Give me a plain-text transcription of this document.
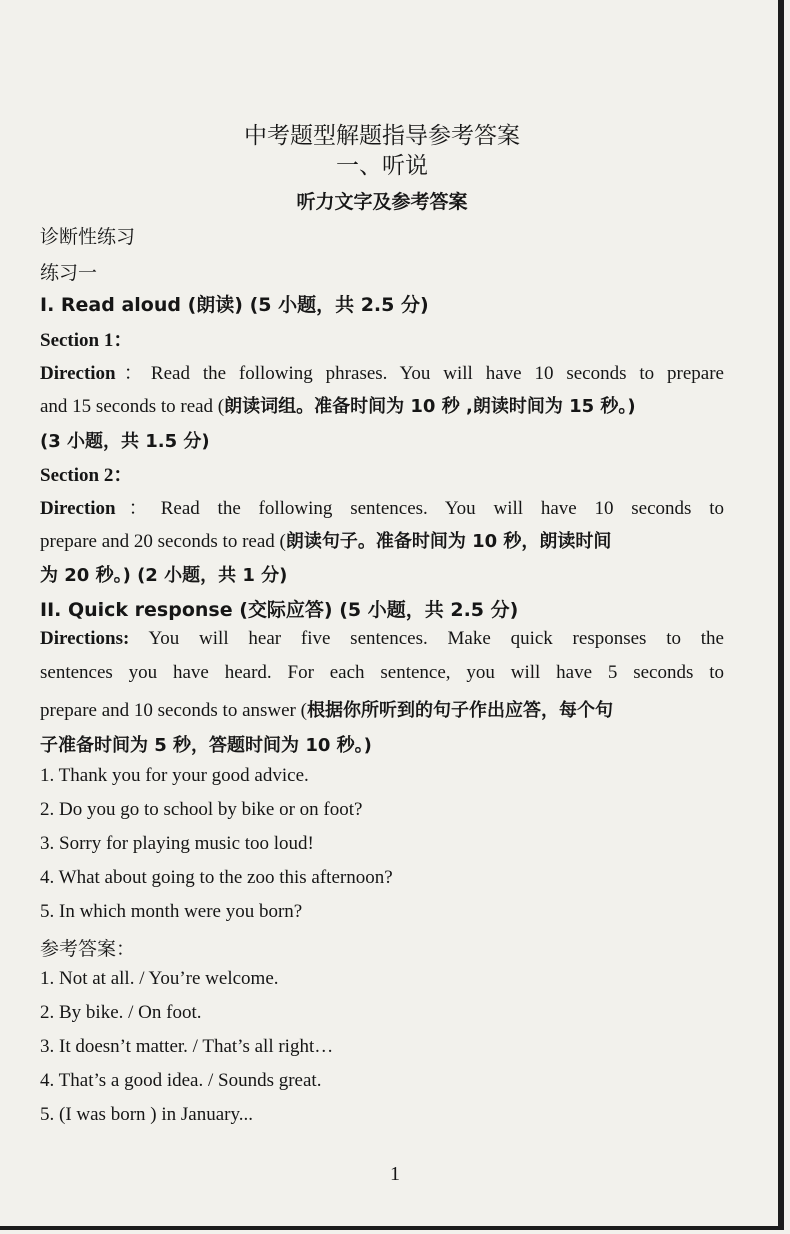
中考题型解题指导参考答案
一、听说
听力文字及参考答案
诊断性练习
练习一
I. Read aloud (朗读) (5 小题，共 2.5 分)
Section 1：
Direction：Read the following phrases. You will have 10 seconds to prepare
and 15 seconds to read (朗读词组。准备时间为 10 秒 ,朗读时间为 15 秒。)
(3 小题，共 1.5 分)
Section 2：
Direction：Read the following sentences. You will have 10 seconds to
prepare and 20 seconds to read (朗读句子。准备时间为 10 秒，朗读时间
为 20 秒。) (2 小题，共 1 分)
II. Quick response (交际应答) (5 小题，共 2.5 分)
Directions: You will hear five sentences. Make quick responses to the
sentences you have heard. For each sentence, you will have 5 seconds to
prepare and 10 seconds to answer (根据你所听到的句子作出应答，每个句
子准备时间为 5 秒，答题时间为 10 秒。)
1. Thank you for your good advice.
2. Do you go to school by bike or on foot?
3. Sorry for playing music too loud!
4. What about going to the zoo this afternoon?
5. In which month were you born?
参考答案：
1. Not at all. / You’re welcome.
2. By bike. / On foot.
3. It doesn’t matter. / That’s all right…
4. That’s a good idea. / Sounds great.
5. (I was born ) in January...
1
